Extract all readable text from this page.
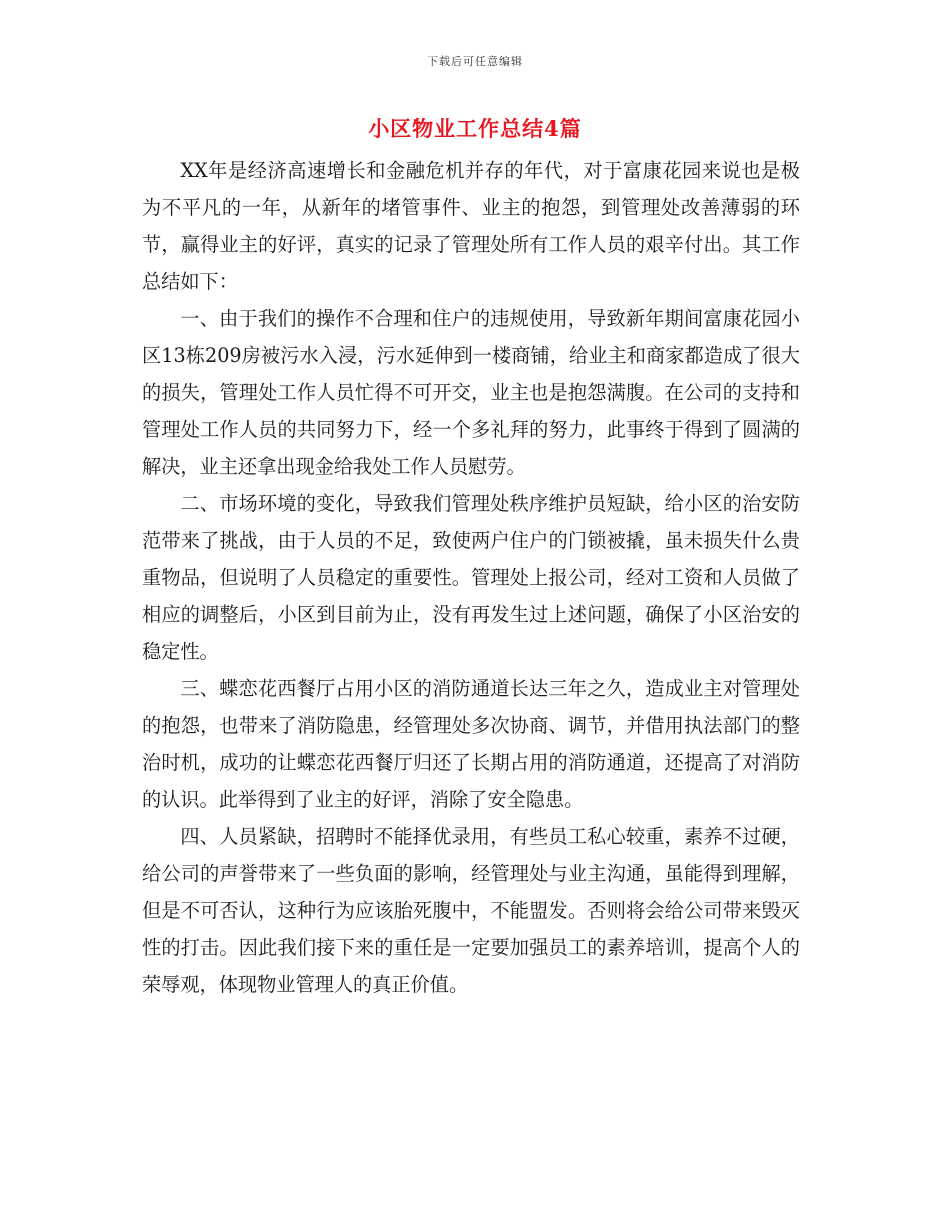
下载后可任意编辑
小区物业工作总结4篇

XX年是经济高速增长和金融危机并存的年代，对于富康花园来说也是极为不平凡的一年，从新年的堵管事件、业主的抱怨，到管理处改善薄弱的环节，赢得业主的好评，真实的记录了管理处所有工作人员的艰辛付出。其工作总结如下：

一、由于我们的操作不合理和住户的违规使用，导致新年期间富康花园小区13栋209房被污水入浸，污水延伸到一楼商铺，给业主和商家都造成了很大的损失，管理处工作人员忙得不可开交，业主也是抱怨满腹。在公司的支持和管理处工作人员的共同努力下，经一个多礼拜的努力，此事终于得到了圆满的解决，业主还拿出现金给我处工作人员慰劳。

二、市场环境的变化，导致我们管理处秩序维护员短缺，给小区的治安防范带来了挑战，由于人员的不足，致使两户住户的门锁被撬，虽未损失什么贵重物品，但说明了人员稳定的重要性。管理处上报公司，经对工资和人员做了相应的调整后，小区到目前为止，没有再发生过上述问题，确保了小区治安的稳定性。

三、蝶恋花西餐厅占用小区的消防通道长达三年之久，造成业主对管理处的抱怨，也带来了消防隐患，经管理处多次协商、调节，并借用执法部门的整治时机，成功的让蝶恋花西餐厅归还了长期占用的消防通道，还提高了对消防的认识。此举得到了业主的好评，消除了安全隐患。

四、人员紧缺，招聘时不能择优录用，有些员工私心较重，素养不过硬，给公司的声誉带来了一些负面的影响，经管理处与业主沟通，虽能得到理解，但是不可否认，这种行为应该胎死腹中，不能盟发。否则将会给公司带来毁灭性的打击。因此我们接下来的重任是一定要加强员工的素养培训，提高个人的荣辱观，体现物业管理人的真正价值。
